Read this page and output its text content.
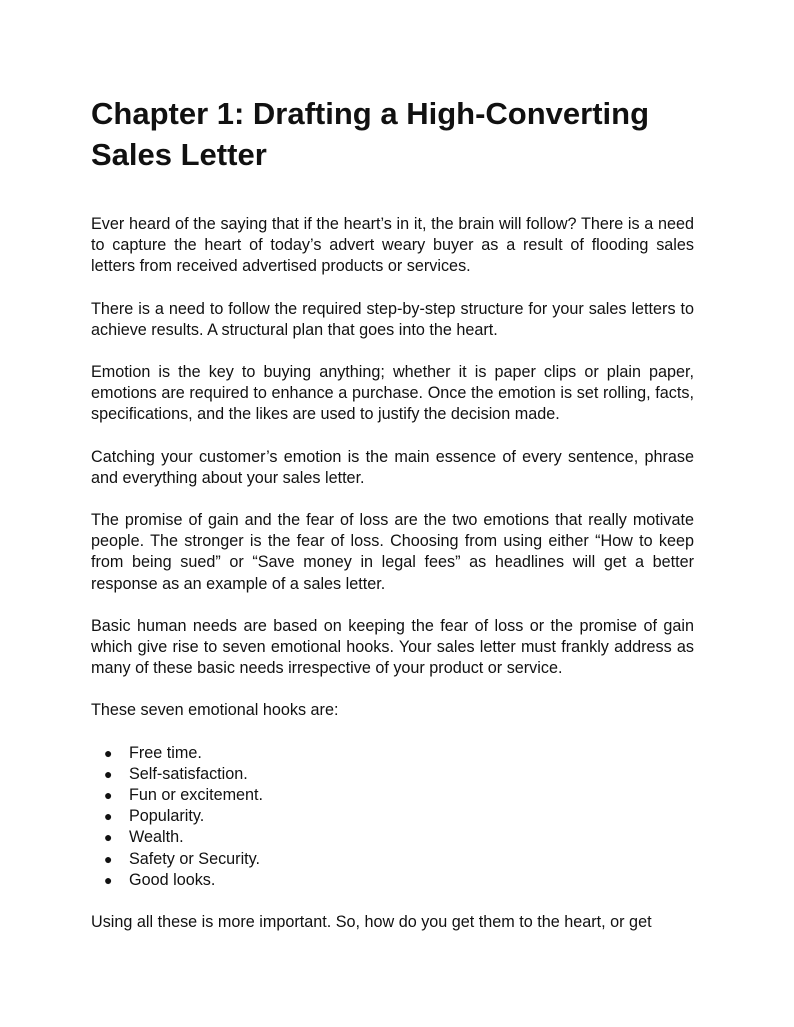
Chapter 1: Drafting a High-Converting Sales Letter

Ever heard of the saying that if the heart’s in it, the brain will follow? There is a need to capture the heart of today’s advert weary buyer as a result of flooding sales letters from received advertised products or services.

There is a need to follow the required step-by-step structure for your sales letters to achieve results. A structural plan that goes into the heart.

Emotion is the key to buying anything; whether it is paper clips or plain paper, emotions are required to enhance a purchase. Once the emotion is set rolling, facts, specifications, and the likes are used to justify the decision made.

Catching your customer’s emotion is the main essence of every sentence, phrase and everything about your sales letter.

The promise of gain and the fear of loss are the two emotions that really motivate people. The stronger is the fear of loss. Choosing from using either “How to keep from being sued” or “Save money in legal fees” as headlines will get a better response as an example of a sales letter.

Basic human needs are based on keeping the fear of loss or the promise of gain which give rise to seven emotional hooks. Your sales letter must frankly address as many of these basic needs irrespective of your product or service.

These seven emotional hooks are:

● Free time.
● Self-satisfaction.
● Fun or excitement.
● Popularity.
● Wealth.
● Safety or Security.
● Good looks.

Using all these is more important. So, how do you get them to the heart, or get
